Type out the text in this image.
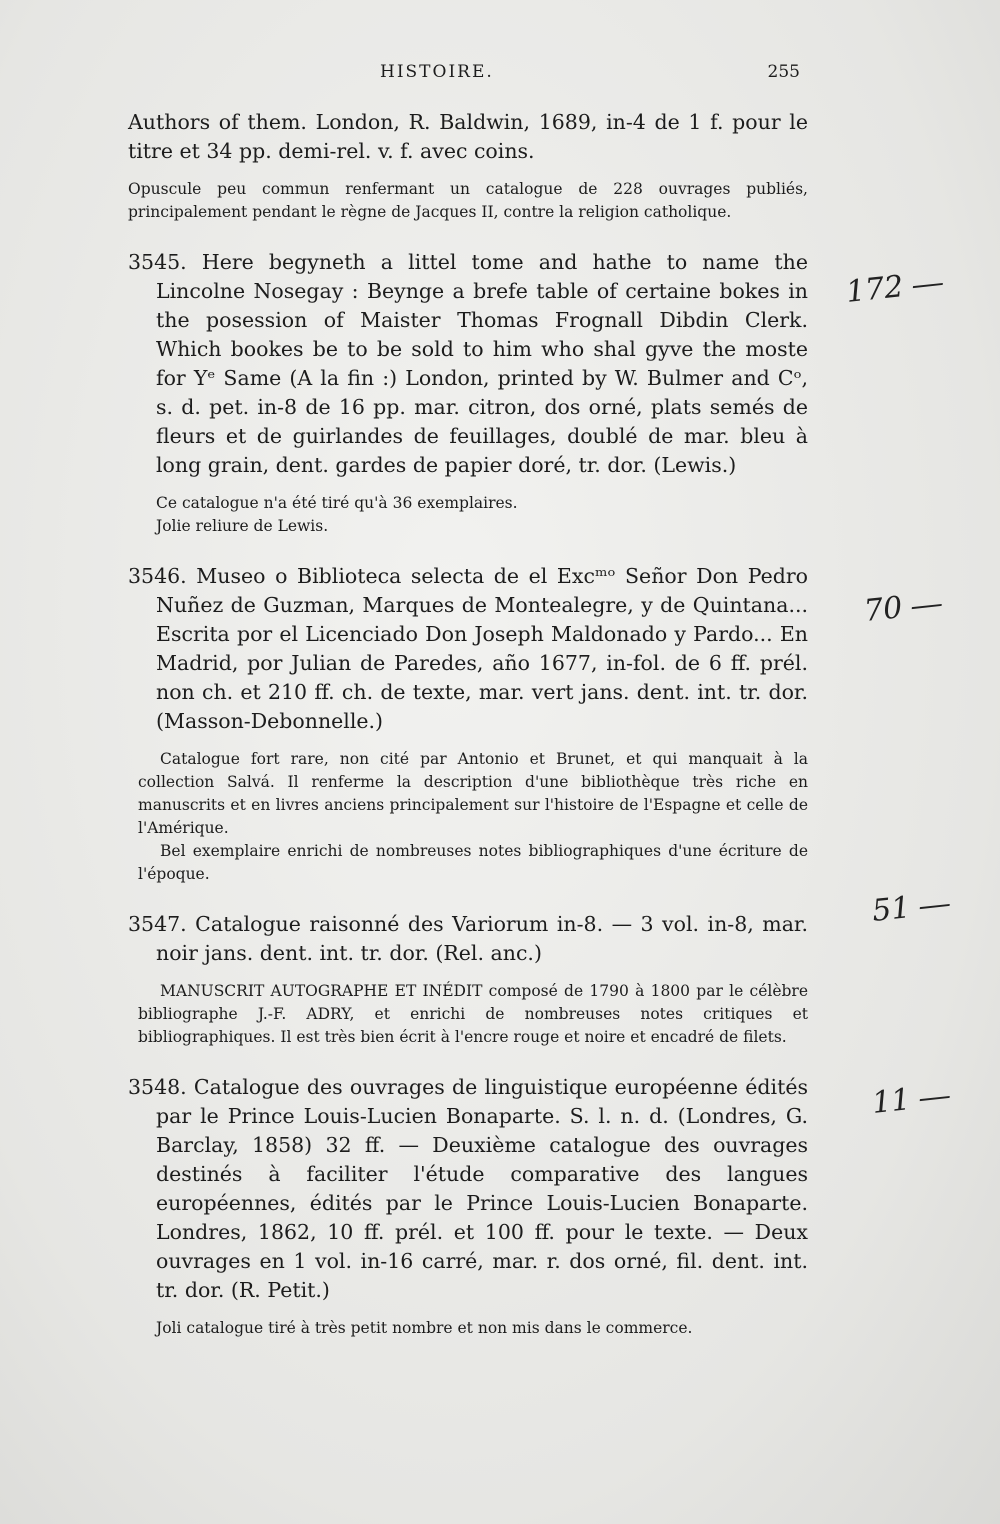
HISTOIRE.	255

Authors of them. London, R. Baldwin, 1689, in-4 de 1 f. pour le titre et 34 pp. demi-rel. v. f. avec coins.

Opuscule peu commun renfermant un catalogue de 228 ouvrages publiés, principalement pendant le règne de Jacques II, contre la religion catholique.

3545. Here begyneth a littel tome and hathe to name the Lincolne Nosegay : Beynge a brefe table of certaine bokes in the posession of Maister Thomas Frognall Dibdin Clerk. Which bookes be to be sold to him who shal gyve the moste for Yᵉ Same (A la fin :) London, printed by W. Bulmer and Cᵒ, s. d. pet. in-8 de 16 pp. mar. citron, dos orné, plats semés de fleurs et de guirlandes de feuillages, doublé de mar. bleu à long grain, dent. gardes de papier doré, tr. dor. (Lewis.)

Ce catalogue n'a été tiré qu'à 36 exemplaires.

Jolie reliure de Lewis.

3546. Museo o Biblioteca selecta de el Excᵐᵒ Señor Don Pedro Nuñez de Guzman, Marques de Montealegre, y de Quintana... Escrita por el Licenciado Don Joseph Maldonado y Pardo... En Madrid, por Julian de Paredes, año 1677, in-fol. de 6 ff. prél. non ch. et 210 ff. ch. de texte, mar. vert jans. dent. int. tr. dor. (Masson-Debonnelle.)

Catalogue fort rare, non cité par Antonio et Brunet, et qui manquait à la collection Salvá. Il renferme la description d'une bibliothèque très riche en manuscrits et en livres anciens principalement sur l'histoire de l'Espagne et celle de l'Amérique.

Bel exemplaire enrichi de nombreuses notes bibliographiques d'une écriture de l'époque.

3547. Catalogue raisonné des Variorum in-8. — 3 vol. in-8, mar. noir jans. dent. int. tr. dor. (Rel. anc.)

MANUSCRIT AUTOGRAPHE ET INÉDIT composé de 1790 à 1800 par le célèbre bibliographe J.-F. ADRY, et enrichi de nombreuses notes critiques et bibliographiques. Il est très bien écrit à l'encre rouge et noire et encadré de filets.

3548. Catalogue des ouvrages de linguistique européenne édités par le Prince Louis-Lucien Bonaparte. S. l. n. d. (Londres, G. Barclay, 1858) 32 ff. — Deuxième catalogue des ouvrages destinés à faciliter l'étude comparative des langues européennes, édités par le Prince Louis-Lucien Bonaparte. Londres, 1862, 10 ff. prél. et 100 ff. pour le texte. — Deux ouvrages en 1 vol. in-16 carré, mar. r. dos orné, fil. dent. int. tr. dor. (R. Petit.)

Joli catalogue tiré à très petit nombre et non mis dans le commerce.

172 ―
70 ―
51 ―
11 ―
